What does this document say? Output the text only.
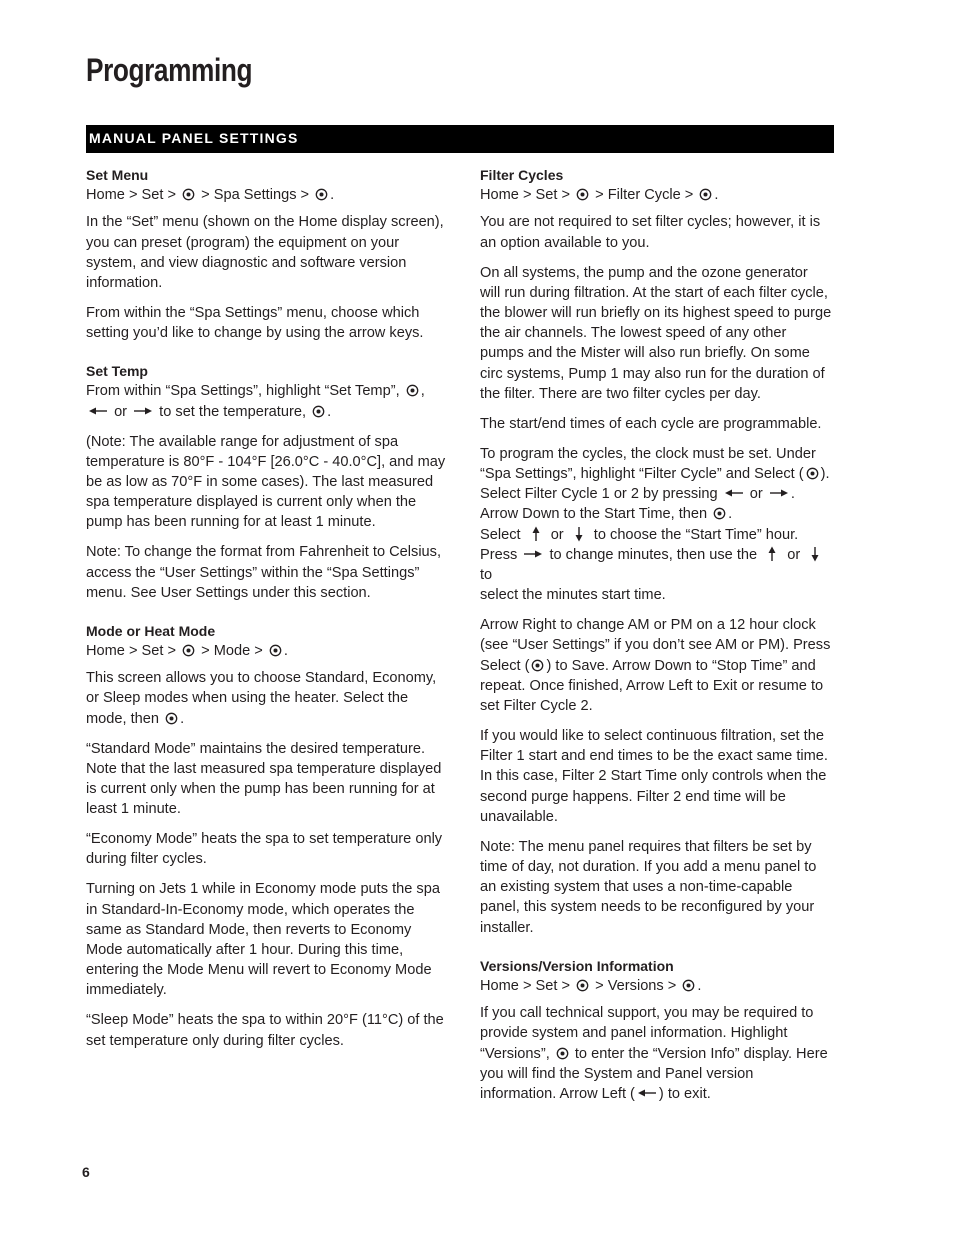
Programming
MANUAL PANEL SETTINGS
Set Menu

Home > Set > > Spa Settings > .

In the “Set” menu (shown on the Home display screen), you can preset (program) the equipment on your system, and view diagnostic and software version information.

From within the “Spa Settings” menu, choose which setting you’d like to change by using the arrow keys.

Set Temp

From within “Spa Settings”, highlight “Set Temp”, ,

or to set the temperature, .

(Note: The available range for adjustment of spa temperature is 80°F - 104°F [26.0°C - 40.0°C], and may be as low as 70°F in some cases). The last measured spa temperature displayed is current only when the pump has been running for at least 1 minute.

Note: To change the format from Fahrenheit to Celsius, access the “User Settings” within the “Spa Settings” menu. See User Settings under this section.

Mode or Heat Mode

Home > Set > > Mode > .

This screen allows you to choose Standard, Economy, or Sleep modes when using the heater. Select the mode, then .

“Standard Mode” maintains the desired temperature. Note that the last measured spa temperature displayed is current only when the pump has been running for at least 1 minute.

“Economy Mode” heats the spa to set temperature only during filter cycles.

Turning on Jets 1 while in Economy mode puts the spa in Standard-In-Economy mode, which operates the same as Standard Mode, then reverts to Economy Mode automatically after 1 hour. During this time, entering the Mode Menu will revert to Economy Mode immediately.

“Sleep Mode” heats the spa to within 20°F (11°C) of the set temperature only during filter cycles.

Filter Cycles

Home > Set > > Filter Cycle > .

You are not required to set filter cycles; however, it is an option available to you.

On all systems, the pump and the ozone generator will run during filtration. At the start of each filter cycle, the blower will run briefly on its highest speed to purge the air channels. The lowest speed of any other pumps and the Mister will also run briefly. On some circ systems, Pump 1 may also run for the duration of the filter. There are two filter cycles per day.

The start/end times of each cycle are programmable.

To program the cycles, the clock must be set. Under “Spa Settings”, highlight “Filter Cycle” and Select ( ).
Select Filter Cycle 1 or 2 by pressing or .
Arrow Down to the Start Time, then .
Select or to choose the “Start Time” hour.
Press to change minutes, then use the or
to
select the minutes start time.

Arrow Right to change AM or PM on a 12 hour clock (see “User Settings” if you don’t see AM or PM). Press Select ( ) to Save. Arrow Down to “Stop Time” and repeat. Once finished, Arrow Left to Exit or resume to set Filter Cycle 2.

If you would like to select continuous filtration, set the Filter 1 start and end times to be the exact same time. In this case, Filter 2 Start Time only controls when the second purge happens. Filter 2 end time will be unavailable.

Note: The menu panel requires that filters be set by time of day, not duration. If you add a menu panel to an existing system that uses a non-time-capable panel, this system needs to be reconfigured by your installer.

Versions/Version Information

Home > Set > > Versions > .

If you call technical support, you may be required to provide system and panel information. Highlight “Versions”, to enter the “Version Info” display. Here you will find the System and Panel version information. Arrow Left ( ) to exit.

6
